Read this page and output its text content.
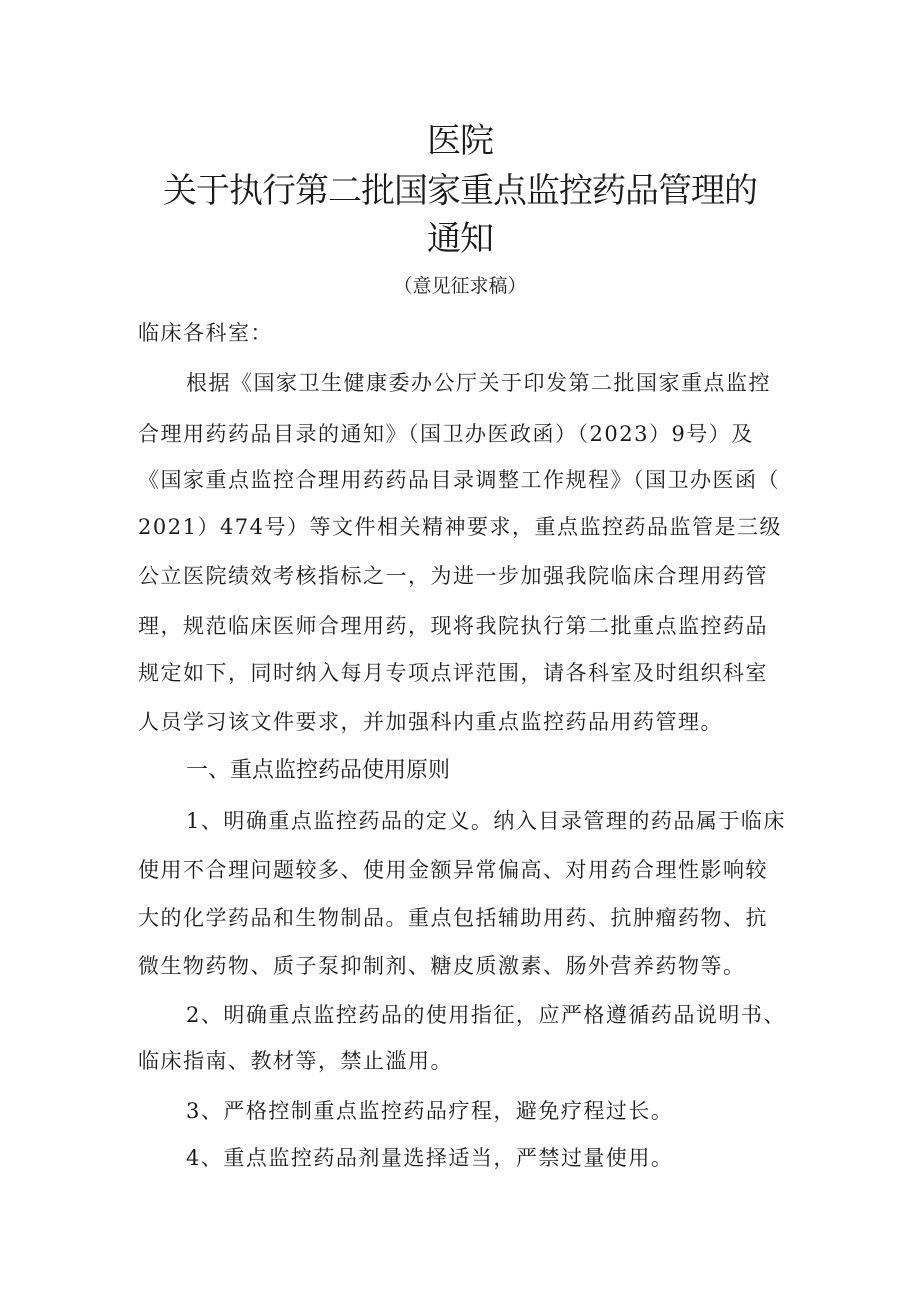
医院
关于执行第二批国家重点监控药品管理的
通知
（意见征求稿）

临床各科室：

根据《国家卫生健康委办公厅关于印发第二批国家重点监控

合理用药药品目录的通知》（国卫办医政函）（2023）9号）及

《国家重点监控合理用药药品目录调整工作规程》（国卫办医函（

2021）474号）等文件相关精神要求，重点监控药品监管是三级

公立医院绩效考核指标之一，为进一步加强我院临床合理用药管

理，规范临床医师合理用药，现将我院执行第二批重点监控药品

规定如下，同时纳入每月专项点评范围，请各科室及时组织科室

人员学习该文件要求，并加强科内重点监控药品用药管理。

一、重点监控药品使用原则

1、明确重点监控药品的定义。纳入目录管理的药品属于临床

使用不合理问题较多、使用金额异常偏高、对用药合理性影响较

大的化学药品和生物制品。重点包括辅助用药、抗肿瘤药物、抗

微生物药物、质子泵抑制剂、糖皮质激素、肠外营养药物等。

2、明确重点监控药品的使用指征，应严格遵循药品说明书、

临床指南、教材等，禁止滥用。

3、严格控制重点监控药品疗程，避免疗程过长。

4、重点监控药品剂量选择适当，严禁过量使用。
